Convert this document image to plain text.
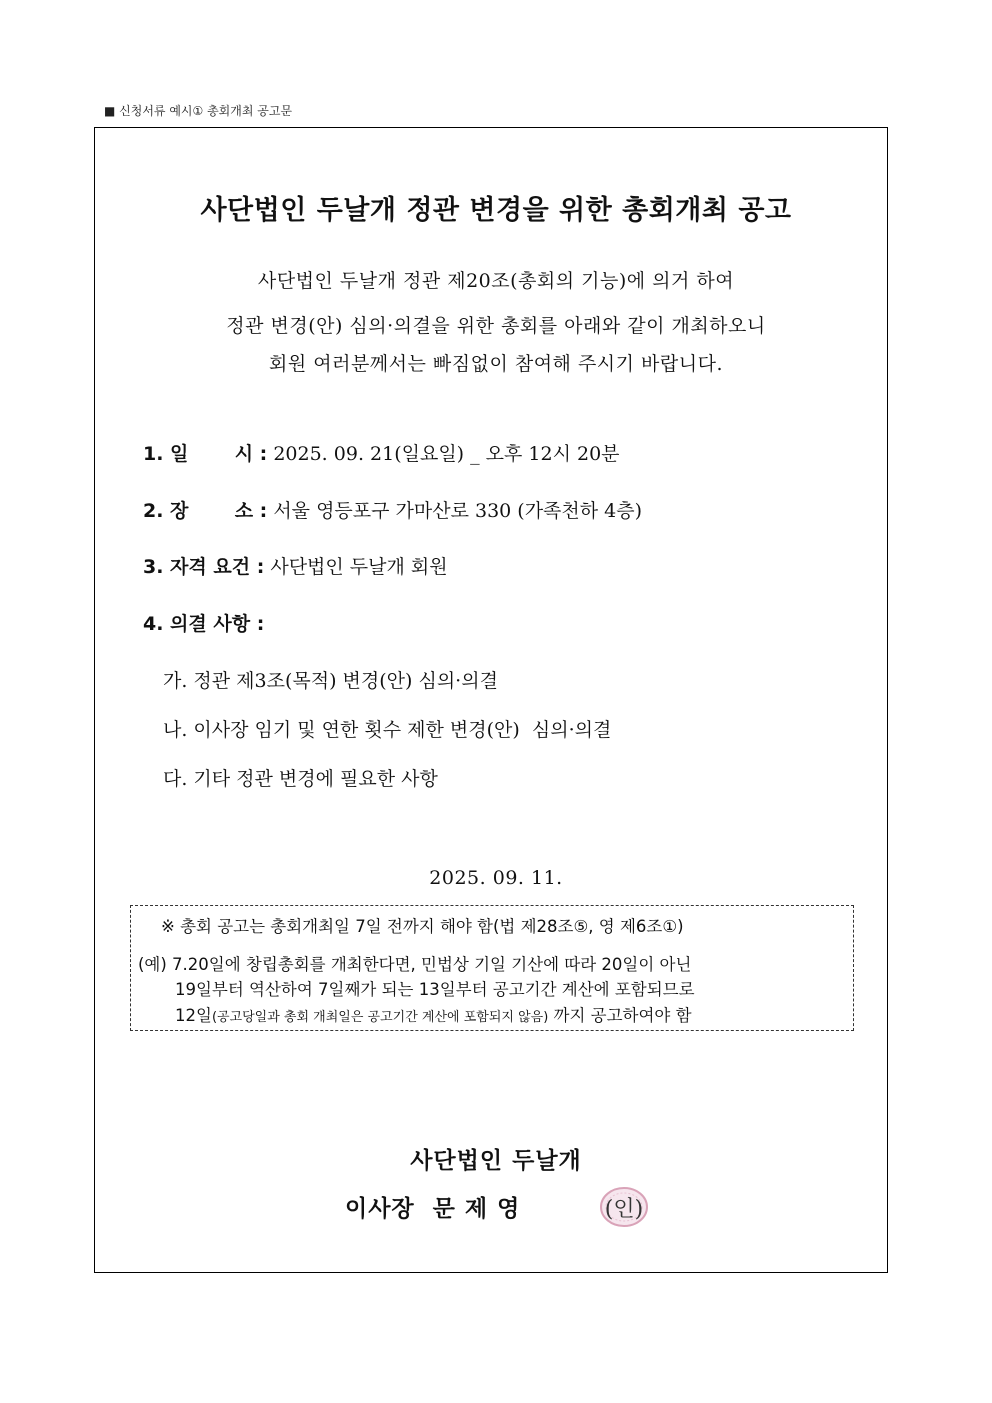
■ 신청서류 예시① 총회개최 공고문
사단법인 두날개 정관 변경을 위한 총회개최 공고
사단법인 두날개 정관 제20조(총회의 기능)에 의거 하여
정관 변경(안) 심의·의결을 위한 총회를 아래와 같이 개최하오니
회원 여러분께서는 빠짐없이 참여해 주시기 바랍니다.
1. 일       시 : 2025. 09. 21(일요일) _ 오후 12시 20분
2. 장       소 : 서울 영등포구 가마산로 330 (가족천하 4층)
3. 자격 요건 : 사단법인 두날개 회원
4. 의결 사항 :
가. 정관 제3조(목적) 변경(안) 심의·의결
나. 이사장 임기 및 연한 횟수 제한 변경(안)  심의·의결
다. 기타 정관 변경에 필요한 사항
2025. 09. 11.
※ 총회 공고는 총회개최일 7일 전까지 해야 함(법 제28조⑤, 영 제6조①)
(예) 7.20일에 창립총회를 개최한다면, 민법상 기일 기산에 따라 20일이 아닌
19일부터 역산하여 7일째가 되는 13일부터 공고기간 계산에 포함되므로
12일(공고당일과 총회 개최일은 공고기간 계산에 포함되지 않음) 까지 공고하여야 함
사단법인 두날개
이사장  문 제 영	(인)
